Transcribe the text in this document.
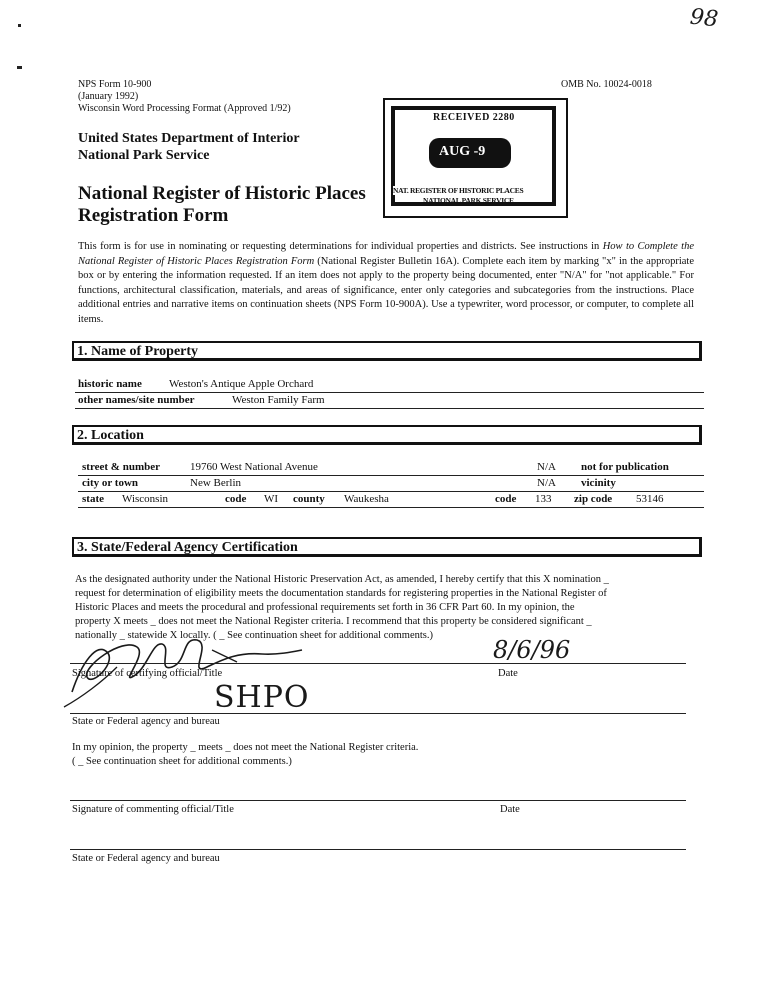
98
NPS Form 10-900
(January 1992)
Wisconsin Word Processing Format (Approved 1/92)
OMB No. 10024-0018
United States Department of Interior
National Park Service
National Register of Historic Places
Registration Form
RECEIVED 2280
AUG -9
NAT. REGISTER OF HISTORIC PLACES
NATIONAL PARK SERVICE
This form is for use in nominating or requesting determinations for individual properties and districts. See instructions in How to Complete the National Register of Historic Places Registration Form (National Register Bulletin 16A). Complete each item by marking "x" in the appropriate box or by entering the information requested. If an item does not apply to the property being documented, enter "N/A" for "not applicable." For functions, architectural classification, materials, and areas of significance, enter only categories and subcategories from the instructions. Place additional entries and narrative items on continuation sheets (NPS Form 10-900A). Use a typewriter, word processor, or computer, to complete all items.
1. Name of Property
historic name Weston's Antique Apple Orchard
other names/site number	Weston Family Farm
2. Location
street & number	19760 West National Avenue	N/A not for publication
city or town	New Berlin	N/A vicinity
state Wisconsin	code WI county Waukesha	code 133 zip code 53146
3. State/Federal Agency Certification
As the designated authority under the National Historic Preservation Act, as amended, I hereby certify that this X nomination _
request for determination of eligibility meets the documentation standards for registering properties in the National Register of
Historic Places and meets the procedural and professional requirements set forth in 36 CFR Part 60. In my opinion, the
property X meets _ does not meet the National Register criteria. I recommend that this property be considered significant _
nationally _ statewide X locally. ( _ See continuation sheet for additional comments.)
8/6/96
Signature of certifying official/Title	Date
SHPO
State or Federal agency and bureau
In my opinion, the property _ meets _ does not meet the National Register criteria.
( _ See continuation sheet for additional comments.)
Signature of commenting official/Title	Date
State or Federal agency and bureau
